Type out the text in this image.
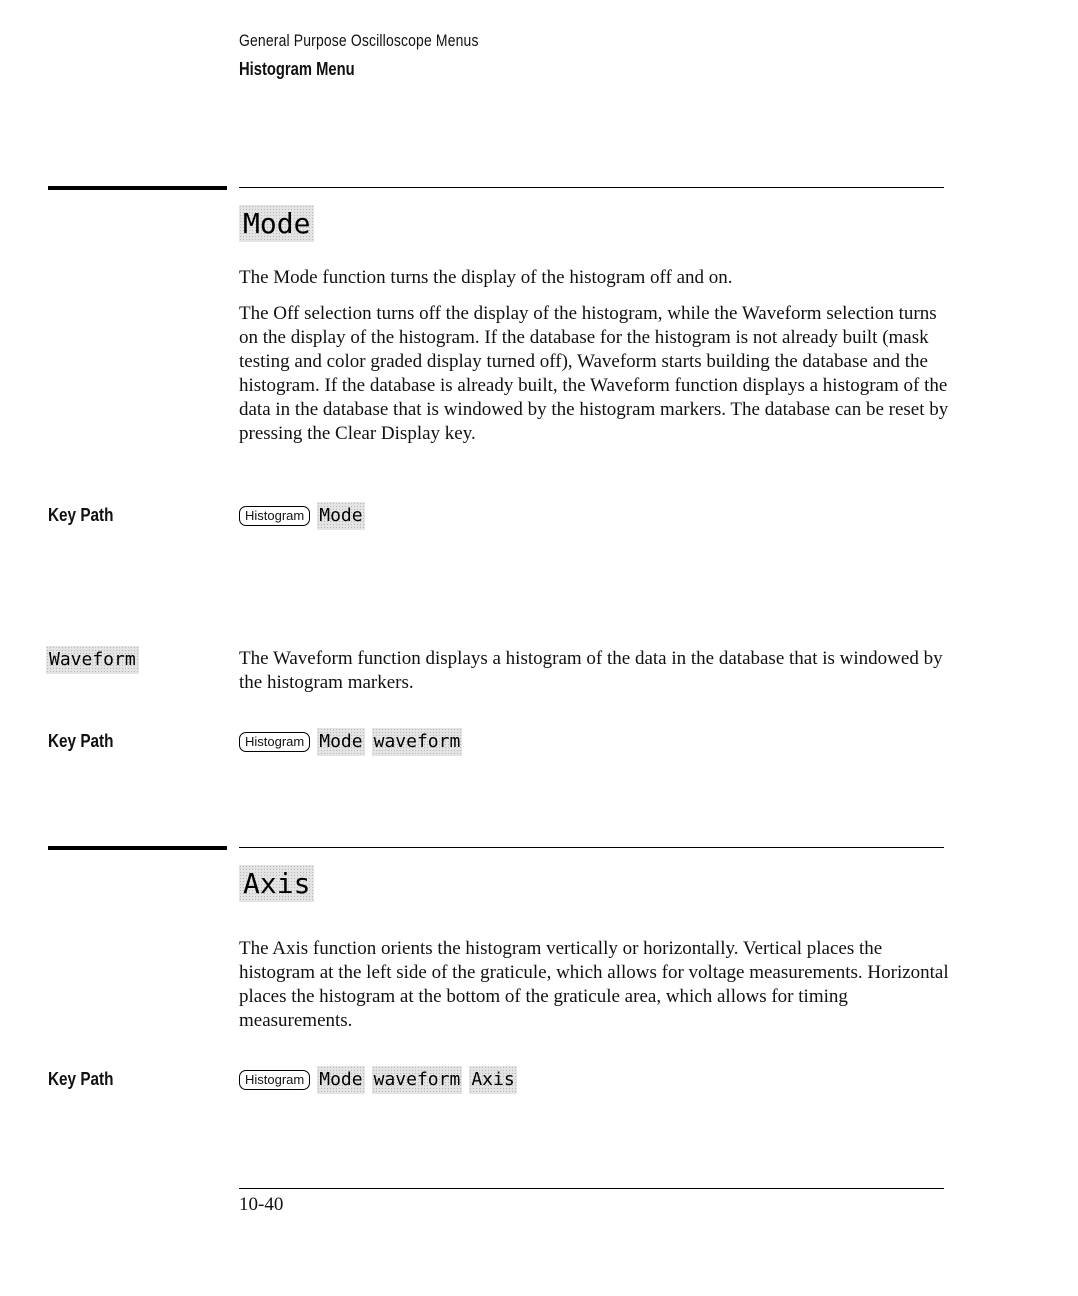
General Purpose Oscilloscope Menus
Histogram Menu
Mode

The Mode function turns the display of the histogram off and on.

The Off selection turns off the display of the histogram, while the Waveform selection turns on the display of the histogram. If the database for the histogram is not already built (mask testing and color graded display turned off), Waveform starts building the database and the histogram. If the database is already built, the Waveform function displays a histogram of the data in the database that is windowed by the histogram markers. The database can be reset by pressing the Clear Display key.

Key Path	Histogram Mode
Waveform	The Waveform function displays a histogram of the data in the database that is windowed by the histogram markers.

Key Path	Histogram Mode waveform
Axis

The Axis function orients the histogram vertically or horizontally. Vertical places the histogram at the left side of the graticule, which allows for voltage measurements. Horizontal places the histogram at the bottom of the graticule area, which allows for timing measurements.

Key Path	Histogram Mode waveform Axis
10-40
